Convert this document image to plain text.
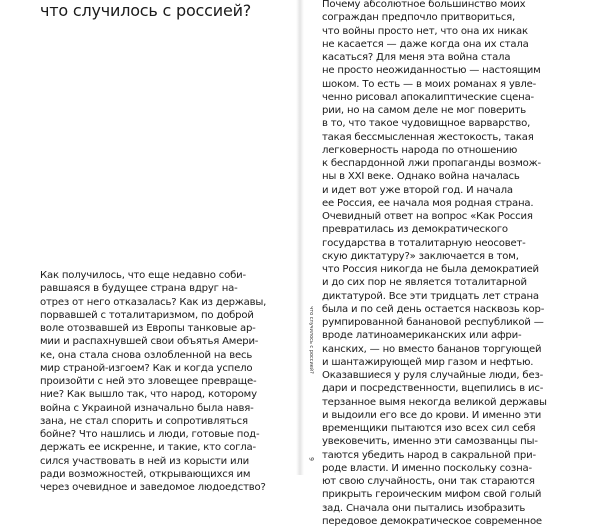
что случилось с россией?

Как получилось, что еще недавно соби-
равшаяся в будущее страна вдруг на-
отрез от него отказалась? Как из державы,
порвавшей с тоталитаризмом, по доброй
воле отозвавшей из Европы танковые ар-
мии и распахнувшей свои объятья Амери-
ке, она стала снова озлобленной на весь
мир страной-изгоем? Как и когда успело
произойти с ней это зловещее превраще-
ние? Как вышло так, что народ, которому
война с Украиной изначально была навя-
зана, не стал спорить и сопротивляться
бойне? Что нашлись и люди, готовые под-
держать ее искренне, и такие, кто согла-
сился участвовать в ней из корысти или
ради возможностей, открывающихся им
через очевидное и заведомое людоедство?

что случилось с россией?
9

Почему абсолютное большинство моих
сограждан предпочло притвориться,
что войны просто нет, что она их никак
не касается — даже когда она их стала
касаться? Для меня эта война стала
не просто неожиданностью — настоящим
шоком. То есть — в моих романах я увле-
ченно рисовал апокалиптические сцена-
рии, но на самом деле не мог поверить
в то, что такое чудовищное варварство,
такая бессмысленная жестокость, такая
легковерность народа по отношению
к беспардонной лжи пропаганды возмож-
ны в XXI веке. Однако война началась
и идет вот уже второй год. И начала
ее Россия, ее начала моя родная страна.
Очевидный ответ на вопрос «Как Россия
превратилась из демократического
государства в тоталитарную неосовет-
скую диктатуру?» заключается в том,
что Россия никогда не была демократией
и до сих пор не является тоталитарной
диктатурой. Все эти тридцать лет страна
была и по сей день остается насквозь кор-
румпированной банановой республикой —
вроде латиноамериканских или афри-
канских, — но вместо бананов торгующей
и шантажирующей мир газом и нефтью.
Оказавшиеся у руля случайные люди, без-
дари и посредственности, вцепились в ис-
терзанное вымя некогда великой державы
и выдоили его все до крови. И именно эти
временщики пытаются изо всех сил себя
увековечить, именно эти самозванцы пы-
таются убедить народ в сакральной при-
роде власти. И именно поскольку созна-
ют свою случайность, они так стараются
прикрыть героическим мифом свой голый
зад. Сначала они пытались изобразить
передовое демократическое современное
